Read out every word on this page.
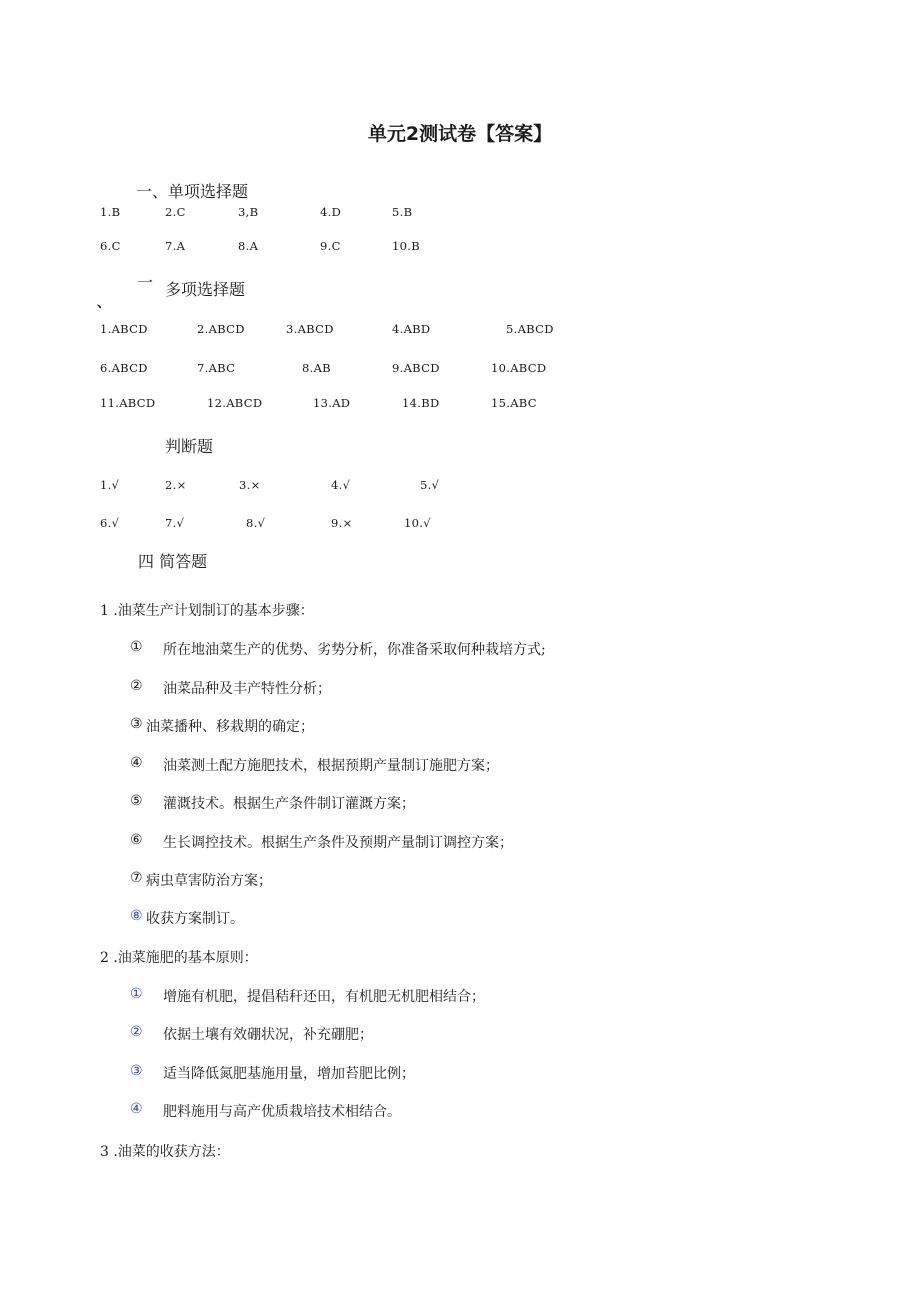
单元2测试卷【答案】
一、单项选择题
1.B	2.C	3,B	4.D	5.B
6.C	7.A	8.A	9.C	10.B
一
、
多项选择题
1.ABCD	2.ABCD	3.ABCD	4.ABD	5.ABCD
6.ABCD	7.ABC	8.AB	9.ABCD	10.ABCD
11.ABCD	12.ABCD	13.AD	14.BD	15.ABC
判断题
1.√	2.×	3.×	4.√	5.√
6.√	7.√	8.√	9.×	10.√
四 简答题
1 .油菜生产计划制订的基本步骤：
① 所在地油菜生产的优势、劣势分析，你准备采取何种栽培方式;
② 油菜品种及丰产特性分析；
③ 油菜播种、移栽期的确定；
④ 油菜测土配方施肥技术，根据预期产量制订施肥方案；
⑤ 灌溉技术。根据生产条件制订灌溉方案；
⑥ 生长调控技术。根据生产条件及预期产量制订调控方案；
⑦ 病虫草害防治方案；
⑧ 收获方案制订。
2 .油菜施肥的基本原则：
① 增施有机肥，提倡秸秆还田，有机肥无机肥相结合；
② 依据土壤有效硼状况，补充硼肥；
③ 适当降低氮肥基施用量，增加苔肥比例；
④ 肥料施用与高产优质栽培技术相结合。
3 .油菜的收获方法：
